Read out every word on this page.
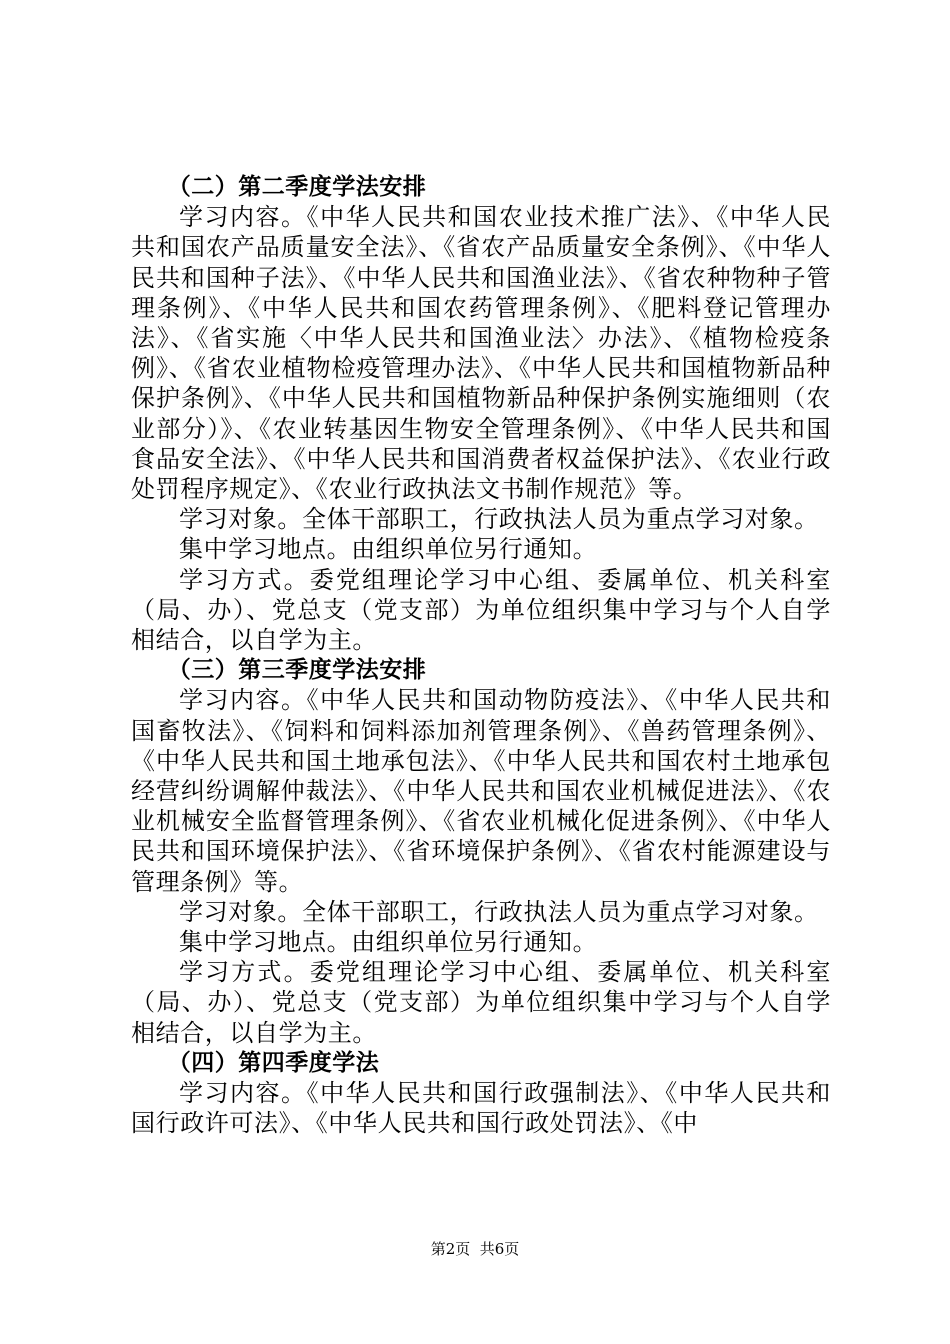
（二）第二季度学法安排

学习内容。《中华人民共和国农业技术推广法》、《中华人民共和国农产品质量安全法》、《省农产品质量安全条例》、《中华人民共和国种子法》、《中华人民共和国渔业法》、《省农种物种子管理条例》、《中华人民共和国农药管理条例》、《肥料登记管理办法》、《省实施〈中华人民共和国渔业法〉办法》、《植物检疫条例》、《省农业植物检疫管理办法》、《中华人民共和国植物新品种保护条例》、《中华人民共和国植物新品种保护条例实施细则（农业部分）》、《农业转基因生物安全管理条例》、《中华人民共和国食品安全法》、《中华人民共和国消费者权益保护法》、《农业行政处罚程序规定》、《农业行政执法文书制作规范》等。

学习对象。全体干部职工，行政执法人员为重点学习对象。

集中学习地点。由组织单位另行通知。

学习方式。委党组理论学习中心组、委属单位、机关科室（局、办）、党总支（党支部）为单位组织集中学习与个人自学相结合，以自学为主。

（三）第三季度学法安排

学习内容。《中华人民共和国动物防疫法》、《中华人民共和国畜牧法》、《饲料和饲料添加剂管理条例》、《兽药管理条例》、《中华人民共和国土地承包法》、《中华人民共和国农村土地承包经营纠纷调解仲裁法》、《中华人民共和国农业机械促进法》、《农业机械安全监督管理条例》、《省农业机械化促进条例》、《中华人民共和国环境保护法》、《省环境保护条例》、《省农村能源建设与管理条例》等。

学习对象。全体干部职工，行政执法人员为重点学习对象。

集中学习地点。由组织单位另行通知。

学习方式。委党组理论学习中心组、委属单位、机关科室（局、办）、党总支（党支部）为单位组织集中学习与个人自学相结合，以自学为主。

（四）第四季度学法

学习内容。《中华人民共和国行政强制法》、《中华人民共和国行政许可法》、《中华人民共和国行政处罚法》、《中

第2页  共6页
